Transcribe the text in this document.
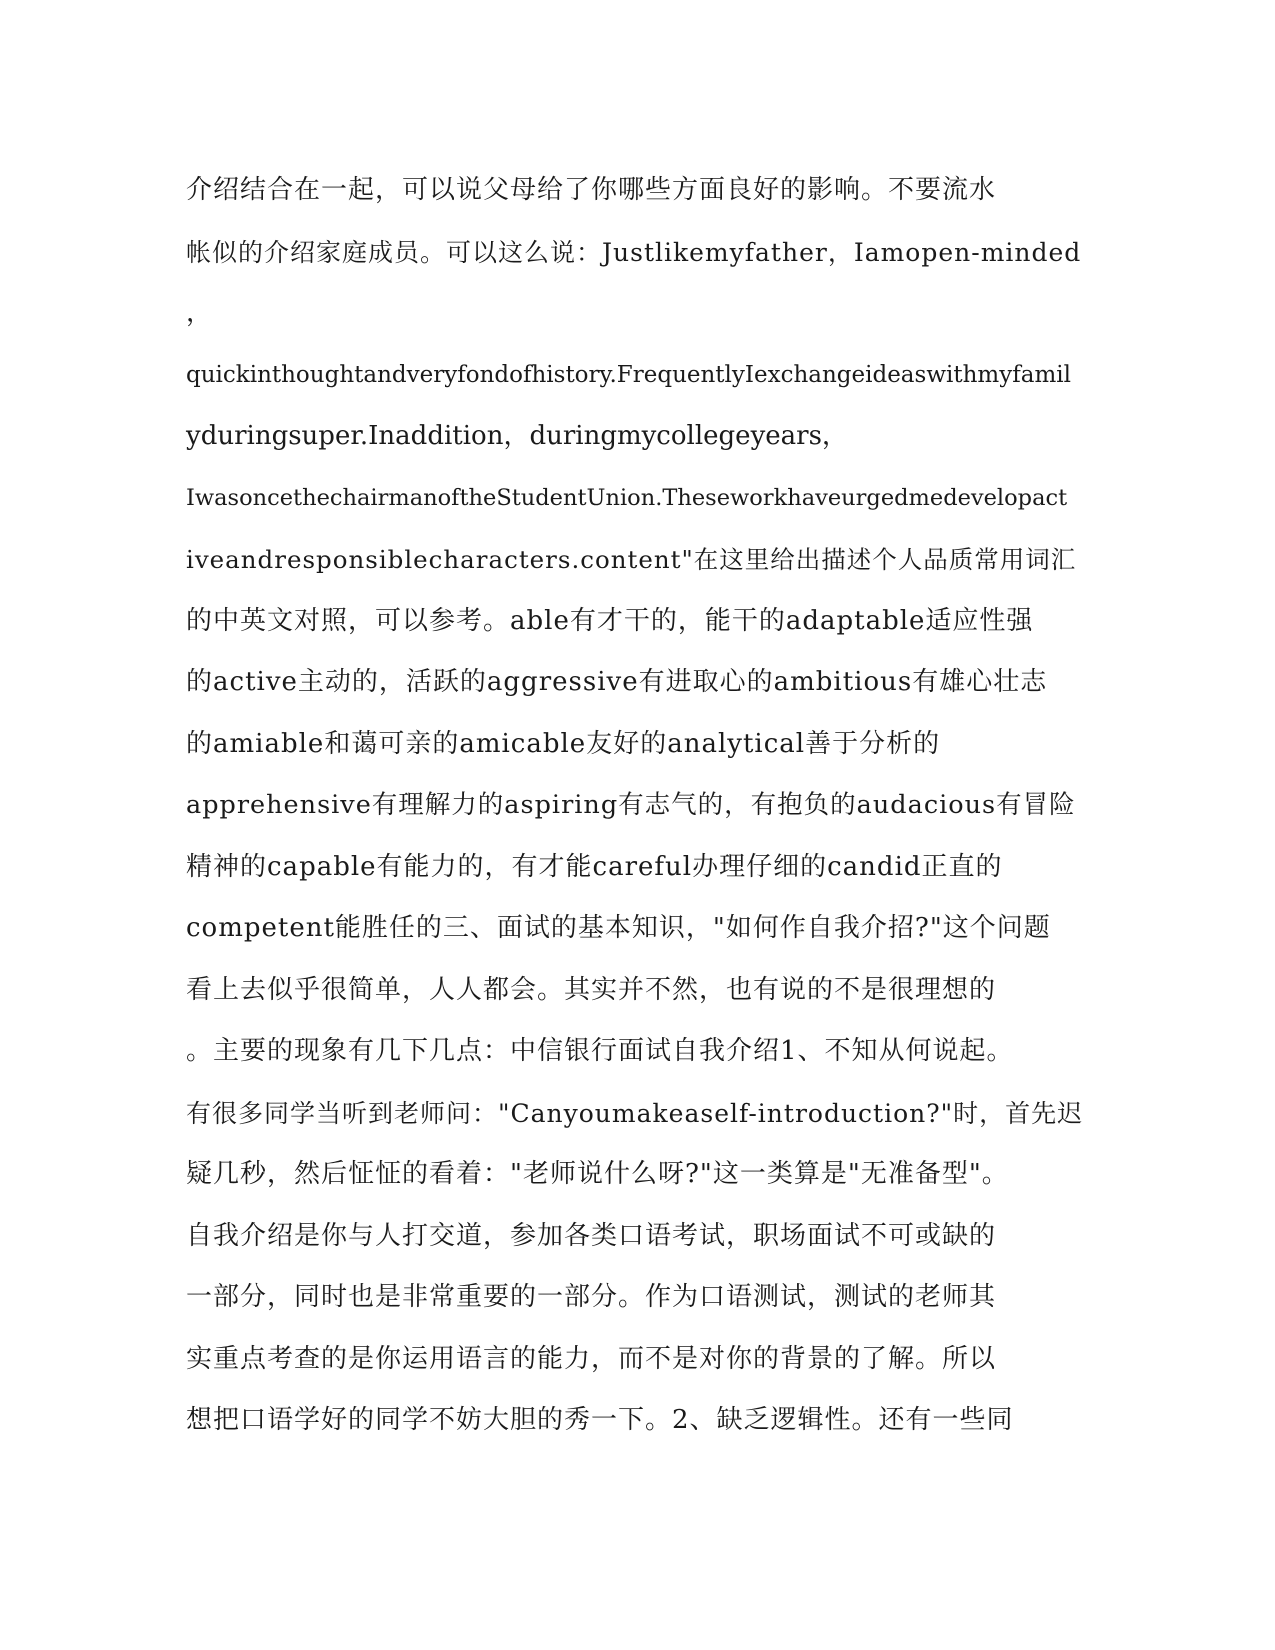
介绍结合在一起，可以说父母给了你哪些方面良好的影响。不要流水
帐似的介绍家庭成员。可以这么说：Justlikemyfather，Iamopen-minded
，
quickinthoughtandveryfondofhistory.FrequentlyIexchangeideaswithmyfamil
yduringsuper.Inaddition，duringmycollegeyears，
IwasoncethechairmanoftheStudentUnion.Theseworkhaveurgedmedevelopact
iveandresponsiblecharacters.content"在这里给出描述个人品质常用词汇
的中英文对照，可以参考。able有才干的，能干的adaptable适应性强
的active主动的，活跃的aggressive有进取心的ambitious有雄心壮志
的amiable和蔼可亲的amicable友好的analytical善于分析的
apprehensive有理解力的aspiring有志气的，有抱负的audacious有冒险
精神的capable有能力的，有才能careful办理仔细的candid正直的
competent能胜任的三、面试的基本知识，"如何作自我介招?"这个问题
看上去似乎很简单，人人都会。其实并不然，也有说的不是很理想的
。主要的现象有几下几点：中信银行面试自我介绍1、不知从何说起。
有很多同学当听到老师问："Canyoumakeaself-introduction?"时，首先迟
疑几秒，然后怔怔的看着："老师说什么呀?"这一类算是"无准备型"。
自我介绍是你与人打交道，参加各类口语考试，职场面试不可或缺的
一部分，同时也是非常重要的一部分。作为口语测试，测试的老师其
实重点考查的是你运用语言的能力，而不是对你的背景的了解。所以
想把口语学好的同学不妨大胆的秀一下。2、缺乏逻辑性。还有一些同
